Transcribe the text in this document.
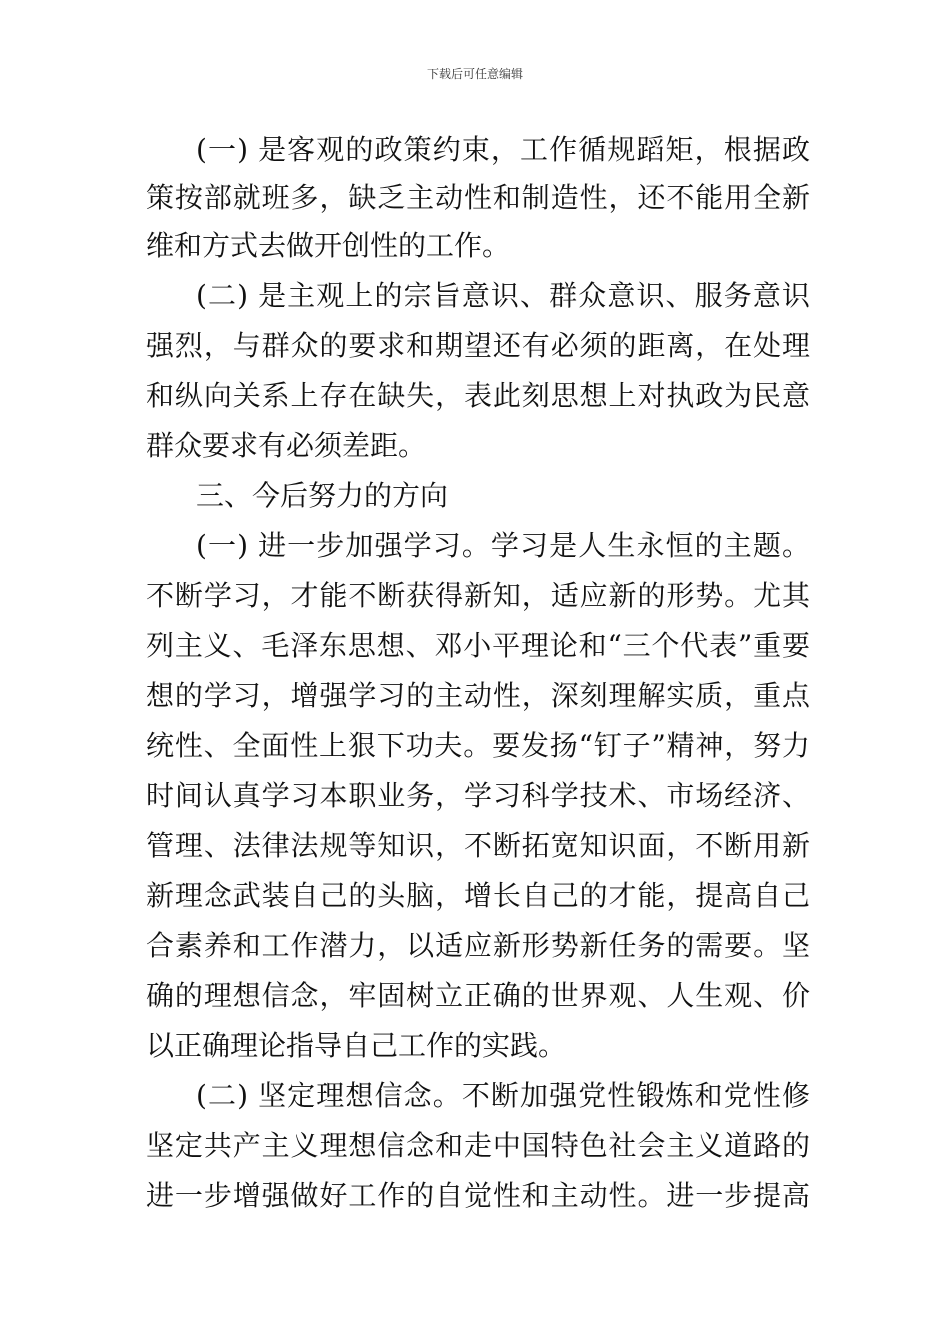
下载后可任意编辑
(一) 是客观的政策约束，工作循规蹈矩，根据政
策按部就班多，缺乏主动性和制造性，还不能用全新
维和方式去做开创性的工作。
(二) 是主观上的宗旨意识、群众意识、服务意识
强烈，与群众的要求和期望还有必须的距离，在处理
和纵向关系上存在缺失，表此刻思想上对执政为民意
群众要求有必须差距。
三、今后努力的方向
(一) 进一步加强学习。学习是人生永恒的主题。
不断学习，才能不断获得新知，适应新的形势。尤其
列主义、毛泽东思想、邓小平理论和“三个代表”重要
想的学习，增强学习的主动性，深刻理解实质，重点
统性、全面性上狠下功夫。要发扬“钉子”精神，努力
时间认真学习本职业务，学习科学技术、市场经济、
管理、法律法规等知识，不断拓宽知识面，不断用新
新理念武装自己的头脑，增长自己的才能，提高自己
合素养和工作潜力，以适应新形势新任务的需要。坚
确的理想信念，牢固树立正确的世界观、人生观、价
以正确理论指导自己工作的实践。
(二) 坚定理想信念。不断加强党性锻炼和党性修
坚定共产主义理想信念和走中国特色社会主义道路的
进一步增强做好工作的自觉性和主动性。进一步提高
